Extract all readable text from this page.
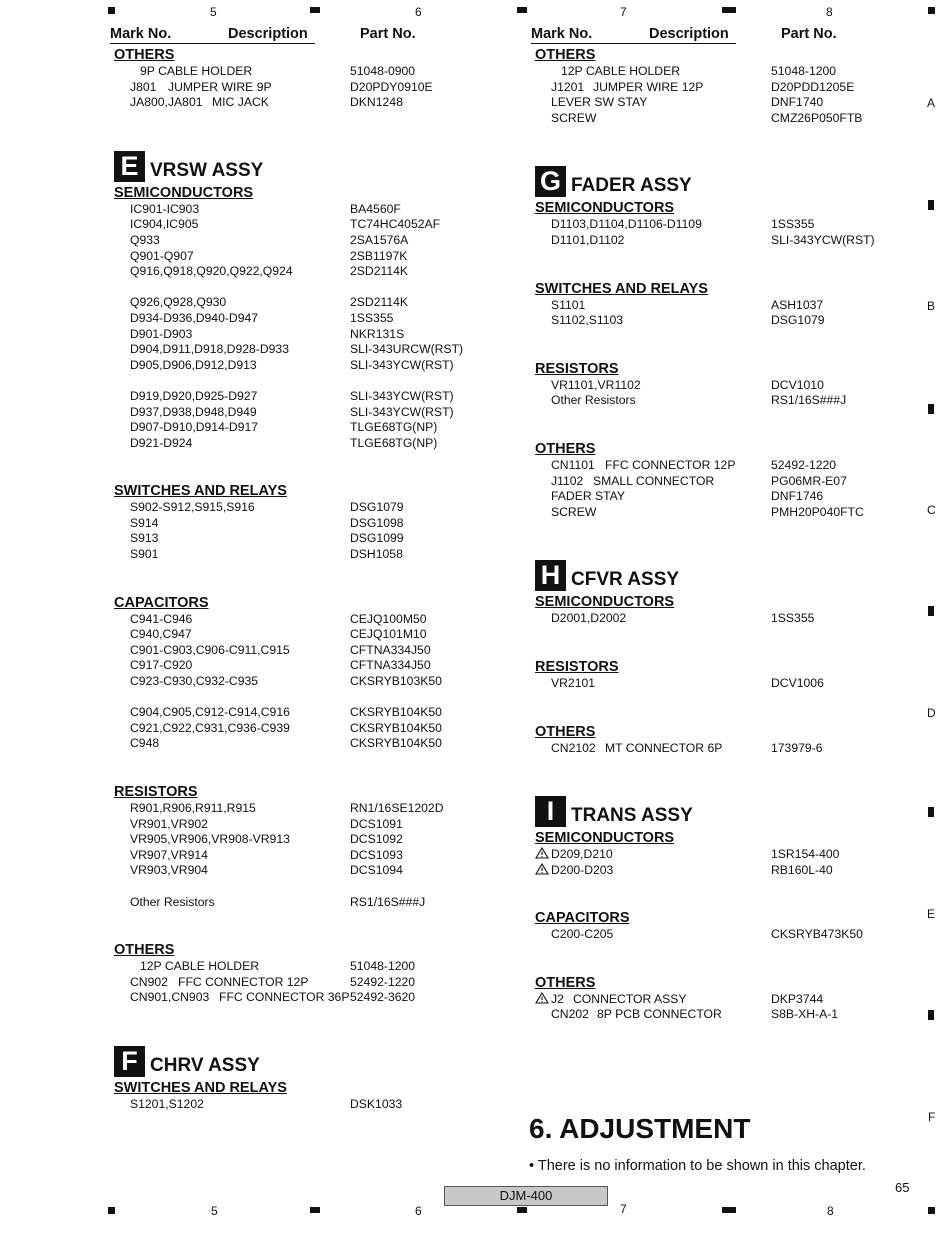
5	6	7	8
5	6	7	8
A
B
C
D
E
F
Mark No.	Description	Part No.
OTHERS
9P CABLE HOLDER	51048-0900
J801 JUMPER WIRE 9P	D20PDY0910E
JA800,JA801 MIC JACK	DKN1248
E VRSW ASSY
SEMICONDUCTORS
IC901-IC903	BA4560F
IC904,IC905	TC74HC4052AF
Q933	2SA1576A
Q901-Q907	2SB1197K
Q916,Q918,Q920,Q922,Q924	2SD2114K
Q926,Q928,Q930	2SD2114K
D934-D936,D940-D947	1SS355
D901-D903	NKR131S
D904,D911,D918,D928-D933	SLI-343URCW(RST)
D905,D906,D912,D913	SLI-343YCW(RST)
D919,D920,D925-D927	SLI-343YCW(RST)
D937,D938,D948,D949	SLI-343YCW(RST)
D907-D910,D914-D917	TLGE68TG(NP)
D921-D924	TLGE68TG(NP)
SWITCHES AND RELAYS
S902-S912,S915,S916	DSG1079
S914	DSG1098
S913	DSG1099
S901	DSH1058
CAPACITORS
C941-C946	CEJQ100M50
C940,C947	CEJQ101M10
C901-C903,C906-C911,C915	CFTNA334J50
C917-C920	CFTNA334J50
C923-C930,C932-C935	CKSRYB103K50
C904,C905,C912-C914,C916	CKSRYB104K50
C921,C922,C931,C936-C939	CKSRYB104K50
C948	CKSRYB104K50
RESISTORS
R901,R906,R911,R915	RN1/16SE1202D
VR901,VR902	DCS1091
VR905,VR906,VR908-VR913	DCS1092
VR907,VR914	DCS1093
VR903,VR904	DCS1094
Other Resistors	RS1/16S###J
OTHERS
12P CABLE HOLDER	51048-1200
CN902 FFC CONNECTOR 12P	52492-1220
CN901,CN903 FFC CONNECTOR 36P 52492-3620
F CHRV ASSY
SWITCHES AND RELAYS
S1201,S1202	DSK1033
Mark No.	Description	Part No.
OTHERS
12P CABLE HOLDER	51048-1200
J1201 JUMPER WIRE 12P	D20PDD1205E
LEVER SW STAY	DNF1740
SCREW	CMZ26P050FTB
G FADER ASSY
SEMICONDUCTORS
D1103,D1104,D1106-D1109	1SS355
D1101,D1102	SLI-343YCW(RST)
SWITCHES AND RELAYS
S1101	ASH1037
S1102,S1103	DSG1079
RESISTORS
VR1101,VR1102	DCV1010
Other Resistors	RS1/16S###J
OTHERS
CN1101 FFC CONNECTOR 12P	52492-1220
J1102 SMALL CONNECTOR	PG06MR-E07
FADER STAY	DNF1746
SCREW	PMH20P040FTC
H CFVR ASSY
SEMICONDUCTORS
D2001,D2002	1SS355
RESISTORS
VR2101	DCV1006
OTHERS
CN2102 MT CONNECTOR 6P	173979-6
I TRANS ASSY
SEMICONDUCTORS
D209,D210	1SR154-400
D200-D203	RB160L-40
CAPACITORS
C200-C205	CKSRYB473K50
OTHERS
J2 CONNECTOR ASSY	DKP3744
CN202 8P PCB CONNECTOR	S8B-XH-A-1
6. ADJUSTMENT
• There is no information to be shown in this chapter.
DJM-400
65
